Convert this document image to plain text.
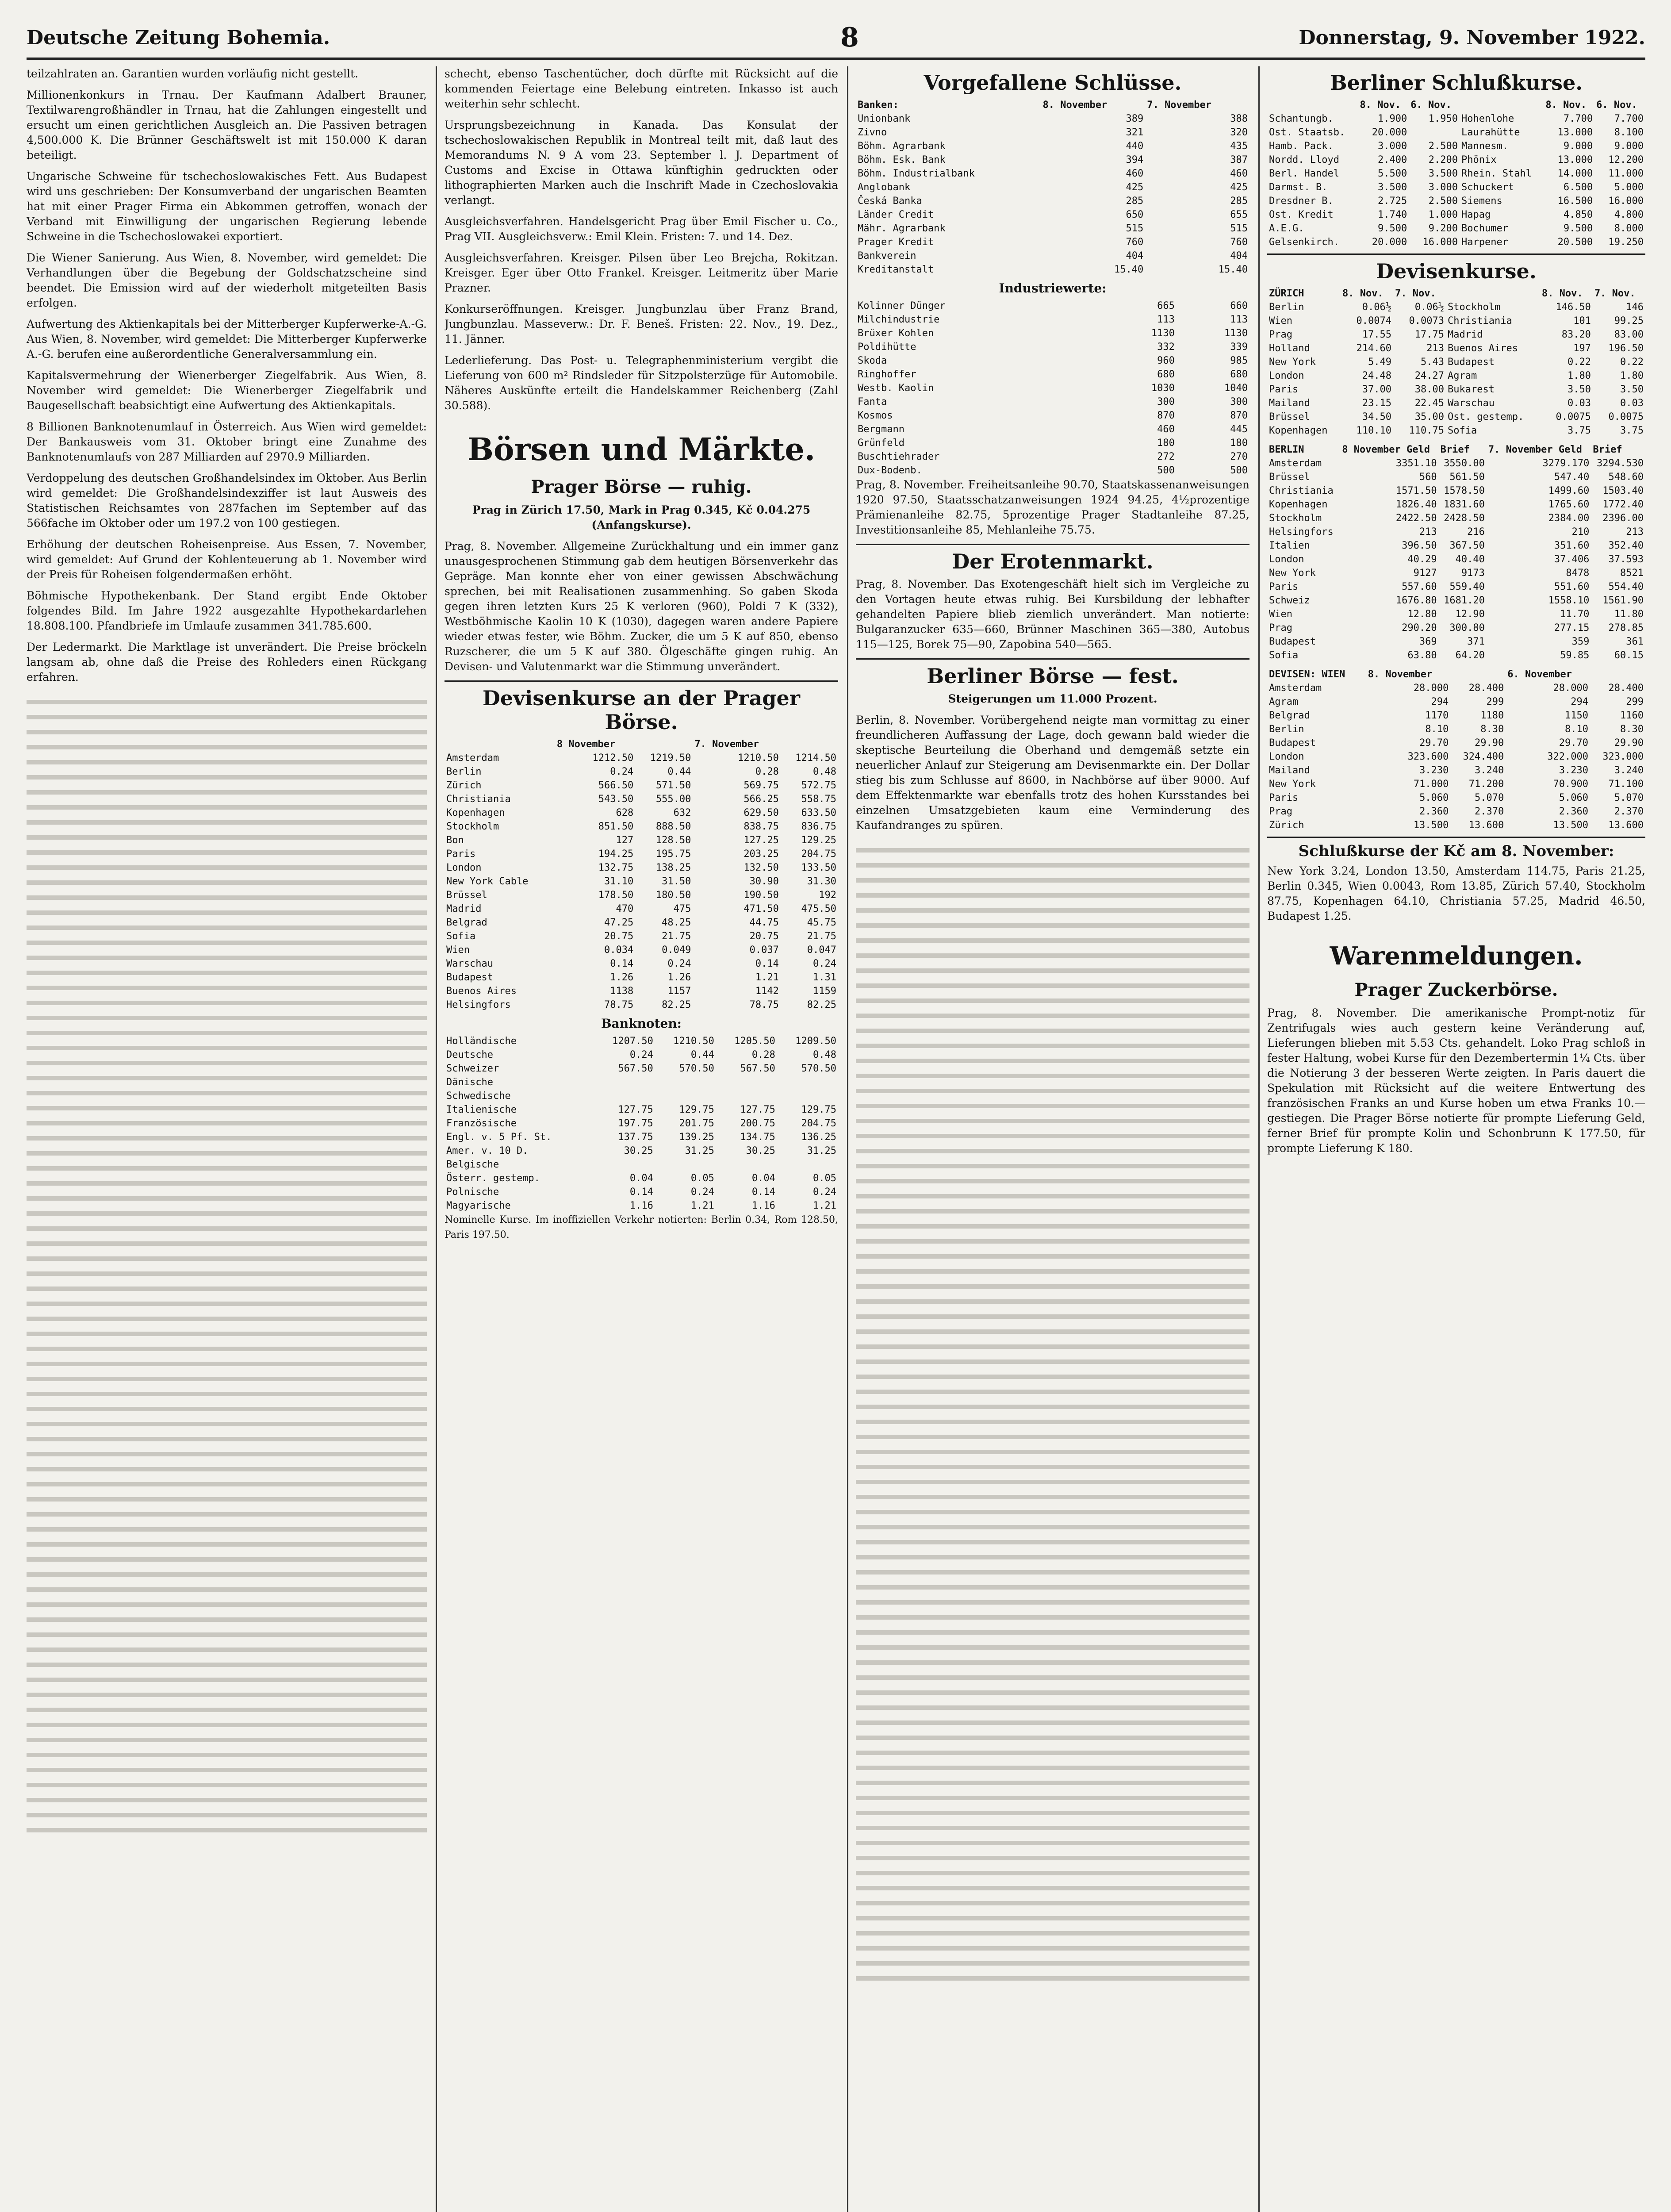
Deutsche Zeitung Bohemia.	8	Donnerstag, 9. November 1922.

teilzahlraten an. Garantien wurden vorläufig nicht gestellt.

Millionenkonkurs in Trnau. Der Kaufmann Adalbert Brauner, Textilwarengroßhändler in Trnau, hat die Zahlungen eingestellt und ersucht um einen gerichtlichen Ausgleich an. Die Passiven betragen 4,500.000 K. Die Brünner Geschäftswelt ist mit 150.000 K daran beteiligt.

Ungarische Schweine für tschechoslowakisches Fett. Aus Budapest wird uns geschrieben: Der Konsumverband der ungarischen Beamten hat mit einer Prager Firma ein Abkommen getroffen, wonach der Verband mit Einwilligung der ungarischen Regierung lebende Schweine in die Tschechoslowakei exportiert.

Die Wiener Sanierung. Aus Wien, 8. November, wird gemeldet: Die Verhandlungen über die Begebung der Goldschatzscheine sind beendet. Die Emission wird auf der wiederholt mitgeteilten Basis erfolgen.

Aufwertung des Aktienkapitals bei der Mitterberger Kupferwerke-A.-G. Aus Wien, 8. November, wird gemeldet: Die Mitterberger Kupferwerke A.-G. berufen eine außerordentliche Generalversammlung ein.

Kapitalsvermehrung der Wienerberger Ziegelfabrik. Aus Wien, 8. November wird gemeldet: Die Wienerberger Ziegelfabrik und Baugesellschaft beabsichtigt eine Aufwertung des Aktienkapitals.

8 Billionen Banknotenumlauf in Österreich. Aus Wien wird gemeldet: Der Bankausweis vom 31. Oktober bringt eine Zunahme des Banknotenumlaufs von 287 Milliarden auf 2970.9 Milliarden.

Verdoppelung des deutschen Großhandelsindex im Oktober. Aus Berlin wird gemeldet: Die Großhandelsindexziffer ist laut Ausweis des Statistischen Reichsamtes von 287fachen im September auf das 566fache im Oktober oder um 197.2 von 100 gestiegen.

Erhöhung der deutschen Roheisenpreise. Aus Essen, 7. November, wird gemeldet: Auf Grund der Kohlenteuerung ab 1. November wird der Preis für Roheisen folgendermaßen erhöht.

Böhmische Hypothekenbank. Der Stand ergibt Ende Oktober folgendes Bild. Im Jahre 1922 ausgezahlte Hypothekardarlehen 18.808.100. Pfandbriefe im Umlaufe zusammen 341.785.600.

Der Ledermarkt. Die Marktlage ist unverändert. Die Preise bröckeln langsam ab, ohne daß die Preise des Rohleders einen Rückgang erfahren.

schecht, ebenso Taschentücher, doch dürfte mit Rücksicht auf die kommenden Feiertage eine Belebung eintreten. Inkasso ist auch weiterhin sehr schlecht.

Ursprungsbezeichnung in Kanada. Das Konsulat der tschechoslowakischen Republik in Montreal teilt mit, daß laut des Memorandums N. 9 A vom 23. September l. J. Department of Customs and Excise in Ottawa künftighin gedruckten oder lithographierten Marken auch die Inschrift Made in Czechoslovakia verlangt.

Ausgleichsverfahren. Handelsgericht Prag über Emil Fischer u. Co., Prag VII. Ausgleichsverw.: Emil Klein. Fristen: 7. und 14. Dez.

Ausgleichsverfahren. Kreisger. Pilsen über Leo Brejcha, Rokitzan. Kreisger. Eger über Otto Frankel. Kreisger. Leitmeritz über Marie Prazner.

Konkurseröffnungen. Kreisger. Jungbunzlau über Franz Brand, Jungbunzlau. Masseverw.: Dr. F. Beneš. Fristen: 22. Nov., 19. Dez., 11. Jänner.

Lederlieferung. Das Post- u. Telegraphenministerium vergibt die Lieferung von 600 m² Rindsleder für Sitzpolsterzüge für Automobile. Näheres Auskünfte erteilt die Handelskammer Reichenberg (Zahl 30.588).

Börsen und Märkte.
Prager Börse — ruhig.

Prag in Zürich 17.50, Mark in Prag 0.345, Kč 0.04.275 (Anfangskurse).

Prag, 8. November. Allgemeine Zurückhaltung und ein immer ganz unausgesprochenen Stimmung gab dem heutigen Börsenverkehr das Gepräge. Man konnte eher von einer gewissen Abschwächung sprechen, bei mit Realisationen zusammenhing. So gaben Skoda gegen ihren letzten Kurs 25 K verloren (960), Poldi 7 K (332), Westböhmische Kaolin 10 K (1030), dagegen waren andere Papiere wieder etwas fester, wie Böhm. Zucker, die um 5 K auf 850, ebenso Ruzscherer, die um 5 K auf 380. Ölgeschäfte gingen ruhig. An Devisen- und Valutenmarkt war die Stimmung unverändert.

Devisenkurse an der Prager Börse.
	8 November		7. November	
Amsterdam	1212.50	1219.50	1210.50	1214.50
Berlin	0.24	0.44	0.28	0.48
Zürich	566.50	571.50	569.75	572.75
Christiania	543.50	555.00	566.25	558.75
Kopenhagen	628	632	629.50	633.50
Stockholm	851.50	888.50	838.75	836.75
Bon	127	128.50	127.25	129.25
Paris	194.25	195.75	203.25	204.75
London	132.75	138.25	132.50	133.50
New York Cable	31.10	31.50	30.90	31.30
Brüssel	178.50	180.50	190.50	192
Madrid	470	475	471.50	475.50
Belgrad	47.25	48.25	44.75	45.75
Sofia	20.75	21.75	20.75	21.75
Wien	0.034	0.049	0.037	0.047
Warschau	0.14	0.24	0.14	0.24
Budapest	1.26	1.26	1.21	1.31
Buenos Aires	1138	1157	1142	1159
Helsingfors	78.75	82.25	78.75	82.25
Banknoten:
Holländische	1207.50	1210.50	1205.50	1209.50
Deutsche	0.24	0.44	0.28	0.48
Schweizer	567.50	570.50	567.50	570.50
Dänische				
Schwedische				
Italienische	127.75	129.75	127.75	129.75
Französische	197.75	201.75	200.75	204.75
Engl. v. 5 Pf. St.	137.75	139.25	134.75	136.25
Amer. v. 10 D.	30.25	31.25	30.25	31.25
Belgische				
Österr. gestemp.	0.04	0.05	0.04	0.05
Polnische	0.14	0.24	0.14	0.24
Magyarische	1.16	1.21	1.16	1.21

Nominelle Kurse. Im inoffiziellen Verkehr notierten: Berlin 0.34, Rom 128.50, Paris 197.50.

Vorgefallene Schlüsse.
Banken:	8. November	7. November
Unionbank	389	388
Zivno	321	320
Böhm. Agrarbank	440	435
Böhm. Esk. Bank	394	387
Böhm. Industrialbank	460	460
Anglobank	425	425
Česká Banka	285	285
Länder Credit	650	655
Mähr. Agrarbank	515	515
Prager Kredit	760	760
Bankverein	404	404
Kreditanstalt	15.40	15.40
Industriewerte:
Kolinner Dünger	665	660
Milchindustrie	113	113
Brüxer Kohlen	1130	1130
Poldihütte	332	339
Skoda	960	985
Ringhoffer	680	680
Westb. Kaolin	1030	1040
Fanta	300	300
Kosmos	870	870
Bergmann	460	445
Grünfeld	180	180
Buschtiehrader	272	270
Dux-Bodenb.	500	500

Prag, 8. November. Freiheitsanleihe 90.70, Staatskassenanweisungen 1920 97.50, Staatsschatzanweisungen 1924 94.25, 4½prozentige Prämienanleihe 82.75, 5prozentige Prager Stadtanleihe 87.25, Investitionsanleihe 85, Mehlanleihe 75.75.

Der Erotenmarkt.

Prag, 8. November. Das Exotengeschäft hielt sich im Vergleiche zu den Vortagen heute etwas ruhig. Bei Kursbildung der lebhafter gehandelten Papiere blieb ziemlich unverändert. Man notierte: Bulgaranzucker 635—660, Brünner Maschinen 365—380, Autobus 115—125, Borek 75—90, Zapobina 540—565.

Berliner Börse — fest.

Steigerungen um 11.000 Prozent.

Berlin, 8. November. Vorübergehend neigte man vormittag zu einer freundlicheren Auffassung der Lage, doch gewann bald wieder die skeptische Beurteilung die Oberhand und demgemäß setzte ein neuerlicher Anlauf zur Steigerung am Devisenmarkte ein. Der Dollar stieg bis zum Schlusse auf 8600, in Nachbörse auf über 9000. Auf dem Effektenmarkte war ebenfalls trotz des hohen Kursstandes bei einzelnen Umsatzgebieten kaum eine Verminderung des Kaufandranges zu spüren.

Berliner Schlußkurse.
	8. Nov.	6. Nov.		8. Nov.	6. Nov.
Schantungb.	1.900	1.950	Hohenlohe	7.700	7.700
Ost. Staatsb.	20.000		Laurahütte	13.000	8.100
Hamb. Pack.	3.000	2.500	Mannesm.	9.000	9.000
Nordd. Lloyd	2.400	2.200	Phönix	13.000	12.200
Berl. Handel	5.500	3.500	Rhein. Stahl	14.000	11.000
Darmst. B.	3.500	3.000	Schuckert	6.500	5.000
Dresdner B.	2.725	2.500	Siemens	16.500	16.000
Ost. Kredit	1.740	1.000	Hapag	4.850	4.800
A.E.G.	9.500	9.200	Bochumer	9.500	8.000
Gelsenkirch.	20.000	16.000	Harpener	20.500	19.250
Devisenkurse.
ZÜRICH	8. Nov.	7. Nov.		8. Nov.	7. Nov.
Berlin	0.06½	0.06½	Stockholm	146.50	146
Wien	0.0074	0.0073	Christiania	101	99.25
Prag	17.55	17.75	Madrid	83.20	83.00
Holland	214.60	213	Buenos Aires	197	196.50
New York	5.49	5.43	Budapest	0.22	0.22
London	24.48	24.27	Agram	1.80	1.80
Paris	37.00	38.00	Bukarest	3.50	3.50
Mailand	23.15	22.45	Warschau	0.03	0.03
Brüssel	34.50	35.00	Ost. gestemp.	0.0075	0.0075
Kopenhagen	110.10	110.75	Sofia	3.75	3.75
BERLIN	8 November Geld	Brief	7. November Geld	Brief
Amsterdam	3351.10	3550.00	3279.170	3294.530
Brüssel	560	561.50	547.40	548.60
Christiania	1571.50	1578.50	1499.60	1503.40
Kopenhagen	1826.40	1831.60	1765.60	1772.40
Stockholm	2422.50	2428.50	2384.00	2396.00
Helsingfors	213	216	210	213
Italien	396.50	367.50	351.60	352.40
London	40.29	40.40	37.406	37.593
New York	9127	9173	8478	8521
Paris	557.60	559.40	551.60	554.40
Schweiz	1676.80	1681.20	1558.10	1561.90
Wien	12.80	12.90	11.70	11.80
Prag	290.20	300.80	277.15	278.85
Budapest	369	371	359	361
Sofia	63.80	64.20	59.85	60.15
DEVISEN: WIEN	8. November		6. November	
Amsterdam	28.000	28.400	28.000	28.400
Agram	294	299	294	299
Belgrad	1170	1180	1150	1160
Berlin	8.10	8.30	8.10	8.30
Budapest	29.70	29.90	29.70	29.90
London	323.600	324.400	322.000	323.000
Mailand	3.230	3.240	3.230	3.240
New York	71.000	71.200	70.900	71.100
Paris	5.060	5.070	5.060	5.070
Prag	2.360	2.370	2.360	2.370
Zürich	13.500	13.600	13.500	13.600
Schlußkurse der Kč am 8. November:

New York 3.24, London 13.50, Amsterdam 114.75, Paris 21.25, Berlin 0.345, Wien 0.0043, Rom 13.85, Zürich 57.40, Stockholm 87.75, Kopenhagen 64.10, Christiania 57.25, Madrid 46.50, Budapest 1.25.

Warenmeldungen.
Prager Zuckerbörse.

Prag, 8. November. Die amerikanische Prompt-notiz für Zentrifugals wies auch gestern keine Veränderung auf, Lieferungen blieben mit 5.53 Cts. gehandelt. Loko Prag schloß in fester Haltung, wobei Kurse für den Dezembertermin 1¼ Cts. über die Notierung 3 der besseren Werte zeigten. In Paris dauert die Spekulation mit Rücksicht auf die weitere Entwertung des französischen Franks an und Kurse hoben um etwa Franks 10.— gestiegen. Die Prager Börse notierte für prompte Lieferung Geld, ferner Brief für prompte Kolin und Schonbrunn K 177.50, für prompte Lieferung K 180.
